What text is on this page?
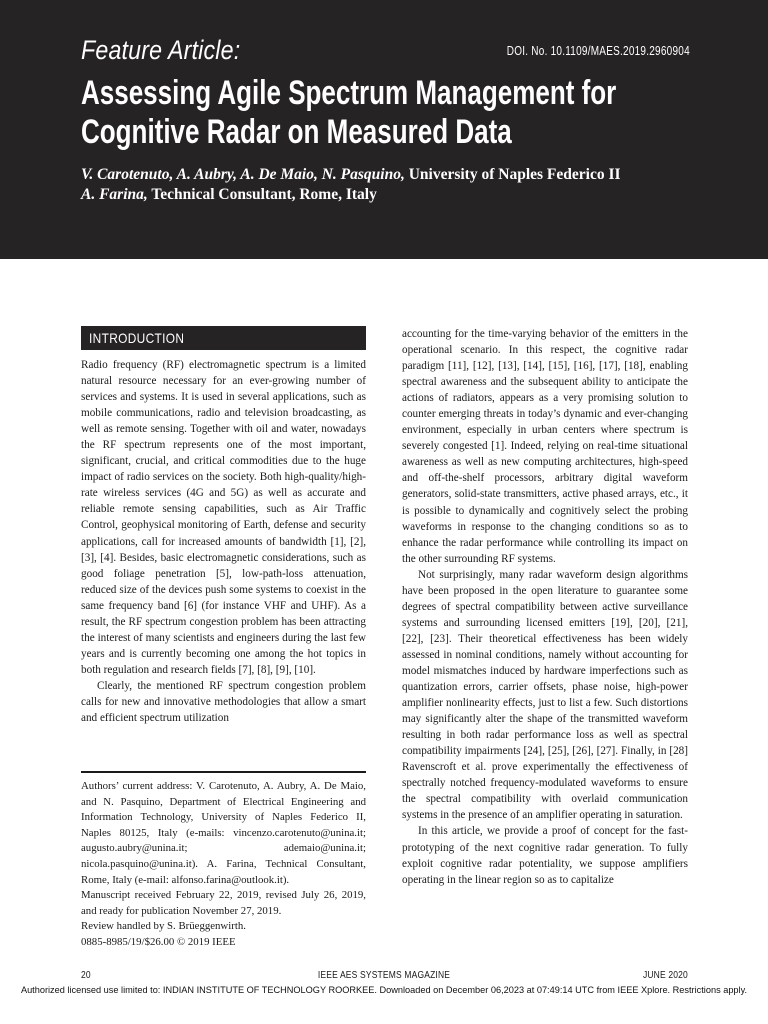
Feature Article:	DOI. No. 10.1109/MAES.2019.2960904
Assessing Agile Spectrum Management for Cognitive Radar on Measured Data
V. Carotenuto, A. Aubry, A. De Maio, N. Pasquino, University of Naples Federico II
A. Farina, Technical Consultant, Rome, Italy
INTRODUCTION

Radio frequency (RF) electromagnetic spectrum is a limited natural resource necessary for an ever-growing number of services and systems. It is used in several applications, such as mobile communications, radio and television broadcasting, as well as remote sensing. Together with oil and water, nowadays the RF spectrum represents one of the most important, significant, crucial, and critical commodities due to the huge impact of radio services on the society. Both high-quality/high-rate wireless services (4G and 5G) as well as accurate and reliable remote sensing capabilities, such as Air Traffic Control, geophysical monitoring of Earth, defense and security applications, call for increased amounts of bandwidth [1], [2], [3], [4]. Besides, basic electromagnetic considerations, such as good foliage penetration [5], low-path-loss attenuation, reduced size of the devices push some systems to coexist in the same frequency band [6] (for instance VHF and UHF). As a result, the RF spectrum congestion problem has been attracting the interest of many scientists and engineers during the last few years and is currently becoming one among the hot topics in both regulation and research fields [7], [8], [9], [10].

Clearly, the mentioned RF spectrum congestion problem calls for new and innovative methodologies that allow a smart and efficient spectrum utilization

Authors’ current address: V. Carotenuto, A. Aubry, A. De Maio, and N. Pasquino, Department of Electrical Engineering and Information Technology, University of Naples Federico II, Naples 80125, Italy (e-mails: vincenzo.carotenuto@unina.it; augusto.aubry@unina.it; ademaio@unina.it; nicola.pasquino@unina.it). A. Farina, Technical Consultant, Rome, Italy (e-mail: alfonso.farina@outlook.it).

Manuscript received February 22, 2019, revised July 26, 2019, and ready for publication November 27, 2019.

Review handled by S. Brüeggenwirth.

0885-8985/19/$26.00 © 2019 IEEE

accounting for the time-varying behavior of the emitters in the operational scenario. In this respect, the cognitive radar paradigm [11], [12], [13], [14], [15], [16], [17], [18], enabling spectral awareness and the subsequent ability to anticipate the actions of radiators, appears as a very promising solution to counter emerging threats in today’s dynamic and ever-changing environment, especially in urban centers where spectrum is severely congested [1]. Indeed, relying on real-time situational awareness as well as new computing architectures, high-speed and off-the-shelf processors, arbitrary digital waveform generators, solid-state transmitters, active phased arrays, etc., it is possible to dynamically and cognitively select the probing waveforms in response to the changing conditions so as to enhance the radar performance while controlling its impact on the other surrounding RF systems.

Not surprisingly, many radar waveform design algorithms have been proposed in the open literature to guarantee some degrees of spectral compatibility between active surveillance systems and surrounding licensed emitters [19], [20], [21], [22], [23]. Their theoretical effectiveness has been widely assessed in nominal conditions, namely without accounting for model mismatches induced by hardware imperfections such as quantization errors, carrier offsets, phase noise, high-power amplifier nonlinearity effects, just to list a few. Such distortions may significantly alter the shape of the transmitted waveform resulting in both radar performance loss as well as spectral compatibility impairments [24], [25], [26], [27]. Finally, in [28] Ravenscroft et al. prove experimentally the effectiveness of spectrally notched frequency-modulated waveforms to ensure the spectral compatibility with overlaid communication systems in the presence of an amplifier operating in saturation.

In this article, we provide a proof of concept for the fast-prototyping of the next cognitive radar generation. To fully exploit cognitive radar potentiality, we suppose amplifiers operating in the linear region so as to capitalize

20	IEEE AES SYSTEMS MAGAZINE	JUNE 2020
Authorized licensed use limited to: INDIAN INSTITUTE OF TECHNOLOGY ROORKEE. Downloaded on December 06,2023 at 07:49:14 UTC from IEEE Xplore. Restrictions apply.
